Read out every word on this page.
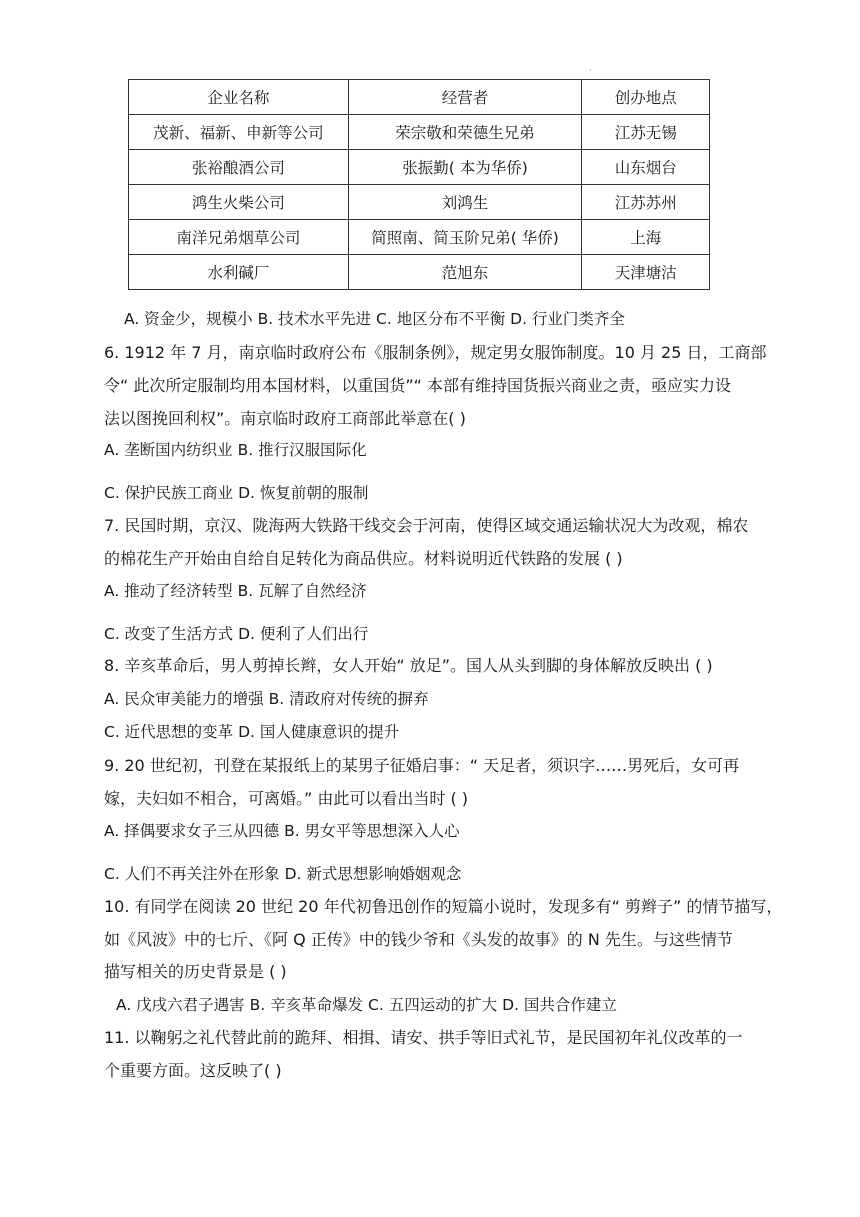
·
企业名称	经营者	创办地点
茂新、福新、申新等公司	荣宗敬和荣德生兄弟	江苏无锡
张裕酿酒公司	张振勤( 本为华侨)	山东烟台
鸿生火柴公司	刘鸿生	江苏苏州
南洋兄弟烟草公司	简照南、简玉阶兄弟( 华侨)	上海
水利碱厂	范旭东	天津塘沽
A. 资金少，规模小 B. 技术水平先进 C. 地区分布不平衡 D. 行业门类齐全
6. 1912 年 7 月，南京临时政府公布《服制条例》，规定男女服饰制度。10 月 25 日，工商部
令“ 此次所定服制均用本国材料，以重国货”“ 本部有维持国货振兴商业之责，亟应实力设
法以图挽回利权”。南京临时政府工商部此举意在( )
A. 垄断国内纺织业 B. 推行汉服国际化
C. 保护民族工商业 D. 恢复前朝的服制
7. 民国时期，京汉、陇海两大铁路干线交会于河南，使得区域交通运输状况大为改观，棉农
的棉花生产开始由自给自足转化为商品供应。材料说明近代铁路的发展 ( )
A. 推动了经济转型 B. 瓦解了自然经济
C. 改变了生活方式 D. 便利了人们出行
8. 辛亥革命后，男人剪掉长辫，女人开始“ 放足”。国人从头到脚的身体解放反映出 ( )
A. 民众审美能力的增强 B. 清政府对传统的摒弃
C. 近代思想的变革 D. 国人健康意识的提升
9. 20 世纪初，刊登在某报纸上的某男子征婚启事：“ 天足者，须识字……男死后，女可再
嫁，夫妇如不相合，可离婚。” 由此可以看出当时 ( )
A. 择偶要求女子三从四德 B. 男女平等思想深入人心
C. 人们不再关注外在形象 D. 新式思想影响婚姻观念
10. 有同学在阅读 20 世纪 20 年代初鲁迅创作的短篇小说时，发现多有“ 剪辫子” 的情节描写，
如《风波》中的七斤、《阿 Q 正传》中的钱少爷和《头发的故事》的 N 先生。与这些情节
描写相关的历史背景是 ( )
A. 戊戌六君子遇害 B. 辛亥革命爆发 C. 五四运动的扩大 D. 国共合作建立
11. 以鞠躬之礼代替此前的跪拜、相揖、请安、拱手等旧式礼节，是民国初年礼仪改革的一
个重要方面。这反映了( )
